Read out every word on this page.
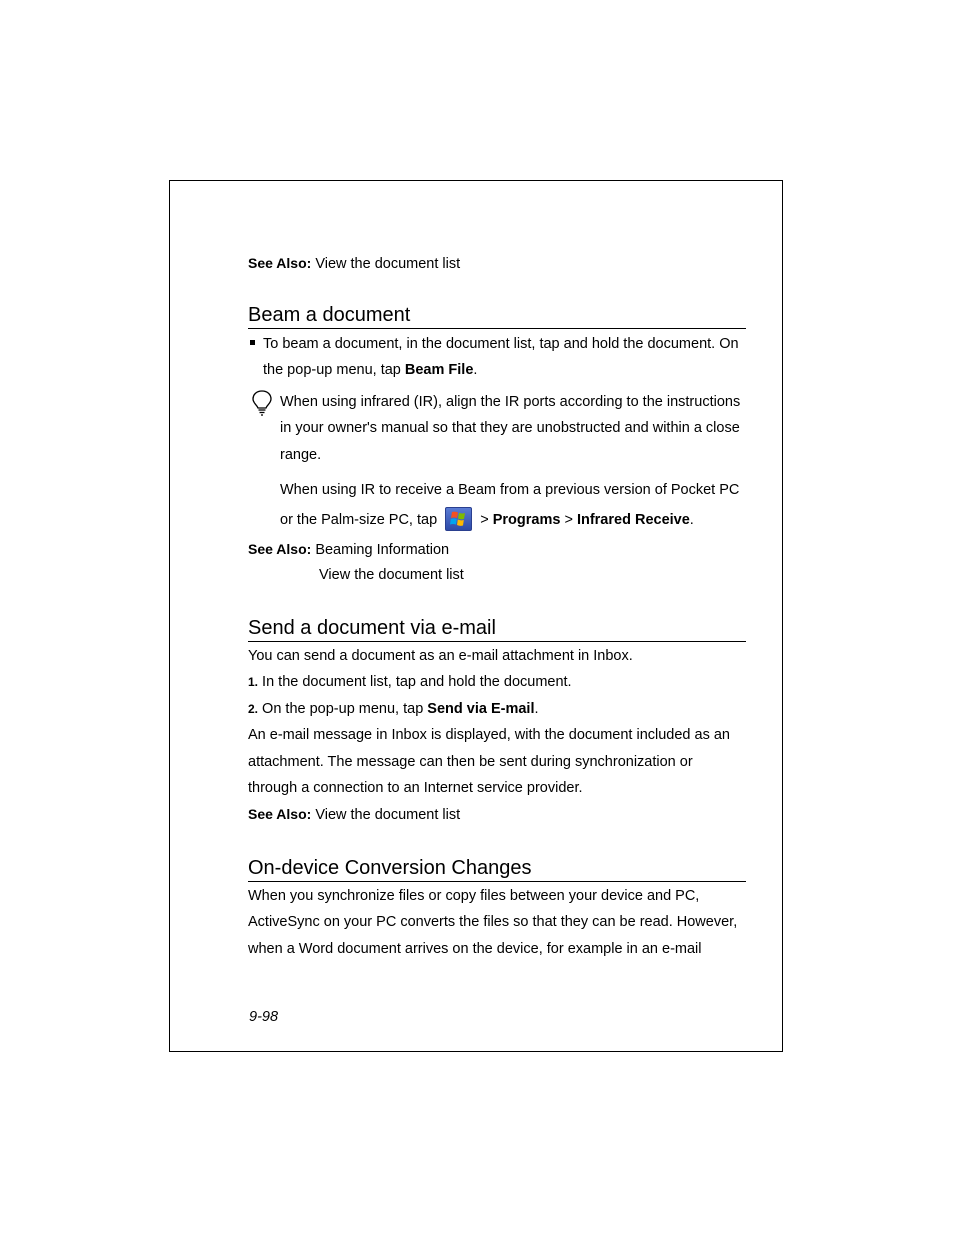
See Also: View the document list
Beam a document
To beam a document, in the document list, tap and hold the document. On
the pop-up menu, tap Beam File.
When using infrared (IR), align the IR ports according to the instructions
in your owner's manual so that they are unobstructed and within a close
range.
When using IR to receive a Beam from a previous version of Pocket PC
or the Palm-size PC, tap	> Programs > Infrared Receive.
See Also: Beaming Information
View the document list
Send a document via e-mail
You can send a document as an e-mail attachment in Inbox.
1. In the document list, tap and hold the document.
2. On the pop-up menu, tap Send via E-mail.
An e-mail message in Inbox is displayed, with the document included as an
attachment. The message can then be sent during synchronization or
through a connection to an Internet service provider.
See Also: View the document list
On-device Conversion Changes
When you synchronize files or copy files between your device and PC,
ActiveSync on your PC converts the files so that they can be read. However,
when a Word document arrives on the device, for example in an e-mail
9-98
